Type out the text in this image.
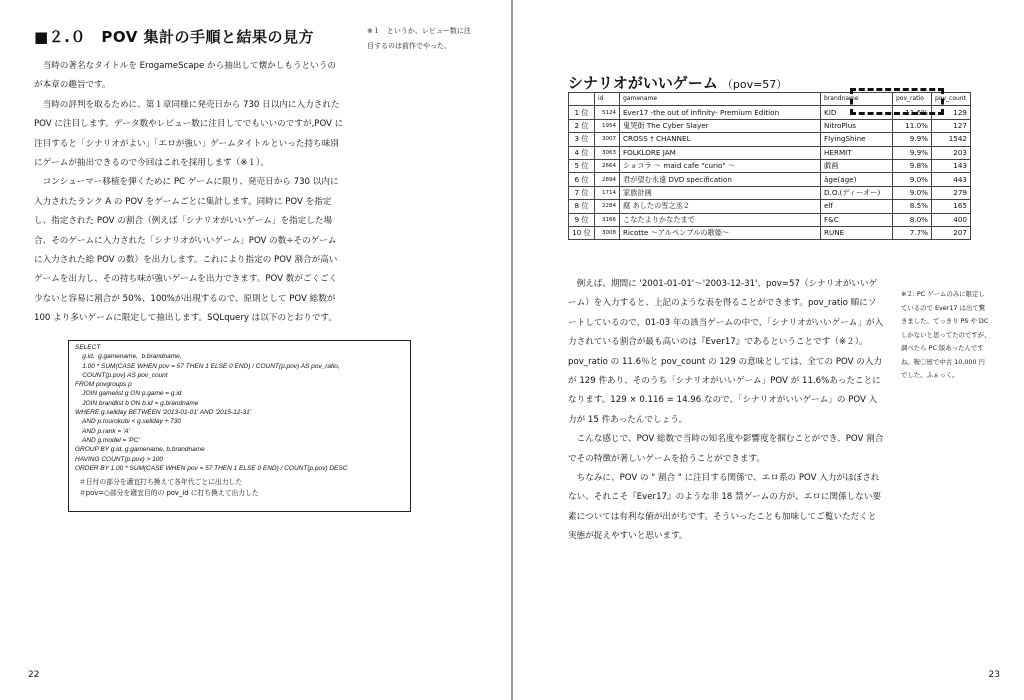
■２.０　POV 集計の手順と結果の見方	※１　というか、レビュー数に注目するのは前作でやった。

当時の著名なタイトルを ErogameScape から抽出して懐かしもうというのが本章の趣旨です。

当時の評判を取るために、第１章同様に発売日から 730 日以内に入力された POV に注目します。データ数やレビュー数に注目してでもいいのですが,POV に注目すると「シナリオがよい」「エロが強い」ゲームタイトルといった持ち味別にゲームが抽出できるので今回はこれを採用します（※１）。

コンシューマー移植を弾くために PC ゲームに限り、発売日から 730 以内に入力されたランク A の POV をゲームごとに集計します。同時に POV を指定し、指定された POV の割合（例えば「シナリオがいいゲーム」を指定した場合、そのゲームに入力された「シナリオがいいゲーム」POV の数÷そのゲームに入力された総 POV の数）を出力します。これにより指定の POV 割合が高いゲームを出力し、その持ち味が強いゲームを出力できます。POV 数がごくごく少ないと容易に割合が 50%、100%が出現するので、原則として POV 総数が 100 より多いゲームに限定して抽出します。SQLquery は以下のとおりです。

SELECT
g.id,  g.gamename,  b.brandname,
1.00 * SUM(CASE WHEN pov = 57 THEN 1 ELSE 0 END) / COUNT(p.pov) AS pov_ratio,
COUNT(p.pov) AS pov_count
FROM povgroups p
JOIN gamelist g ON p.game = g.id
JOIN brandlist b ON b.id = g.brandname
WHERE g.sellday BETWEEN '2013-01-01' AND '2015-12-31'
AND p.tourokubi < g.sellday + 730
AND p.rank = 'A'
AND g.model = 'PC'
GROUP BY g.id, g.gamename, b.brandname
HAVING COUNT(p.pov) > 100
ORDER BY 1.00 * SUM(CASE WHEN pov = 57 THEN 1 ELSE 0 END) / COUNT(p.pov) DESC
＃日付の部分を適宜打ち換えて各年代ごとに出力した
＃pov=○部分を適宜目的の pov_id に打ち換えて出力した
22
シナリオがいいゲーム （pov=57）
	id	gamename	brandname	pov_ratio	pov_count
1 位	5124	Ever17 -the out of infinity- Premium Edition	KID	11.6%	129
2 位	1954	鬼哭街 The Cyber Slayer	NitroPlus	11.0%	127
3 位	3007	CROSS † CHANNEL	FlyingShine	9.9%	1542
4 位	3063	FOLKLORE JAM	HERMIT	9.9%	203
5 位	2664	ショコラ ～ maid cafe "curio" ～	戯画	9.8%	143
6 位	2894	君が望む永遠 DVD specification	âge(age)	9.0%	443
7 位	1714	家族計画	D.O.(ディーオー)	9.0%	279
8 位	2284	腐 あしたの雪之丞２	elf	8.5%	165
9 位	3166	こなたよりかなたまで	F&C	8.0%	400
10 位	3008	Ricotte ～アルペンブルの歌姫～	RUNE	7.7%	207

例えば、期間に '2001-01-01'～'2003-12-31'、pov=57（シナリオがいいゲーム）を入力すると、上記のような表を得ることができます。pov_ratio 順にソートしているので、01-03 年の該当ゲームの中で、「シナリオがいいゲーム」が入力されている割合が最も高いのは『Ever17』であるということです（※２）。pov_ratio の 11.6％と pov_count の 129 の意味としては、全ての POV の入力が 129 件あり、そのうち「シナリオがいいゲーム」POV が 11.6%あったことになります。129 × 0.116 = 14.96 なので、「シナリオがいいゲーム」の POV 入力が 15 件あったんでしょう。

こんな感じで、POV 総数で当時の知名度や影響度を掴むことができ、POV 割合でその特徴が著しいゲームを拾うことができます。

ちなみに、POV の " 割合 " に注目する関係で、エロ系の POV 入力がほぼされない、それこそ『Ever17』のような非 18 禁ゲームの方が、エロに関係しない要素については有利な値が出がちです。そういったことも加味してご覧いただくと実態が捉えやすいと思います。

※２: PC ゲームのみに限定しているので Ever17 は出て驚きました。てっきり PS や DC しかないと思ってたのですが、調べたら PC 版あったんですね。鞍〇屋で中古 10,000 円でした。ふぁっく。
23
